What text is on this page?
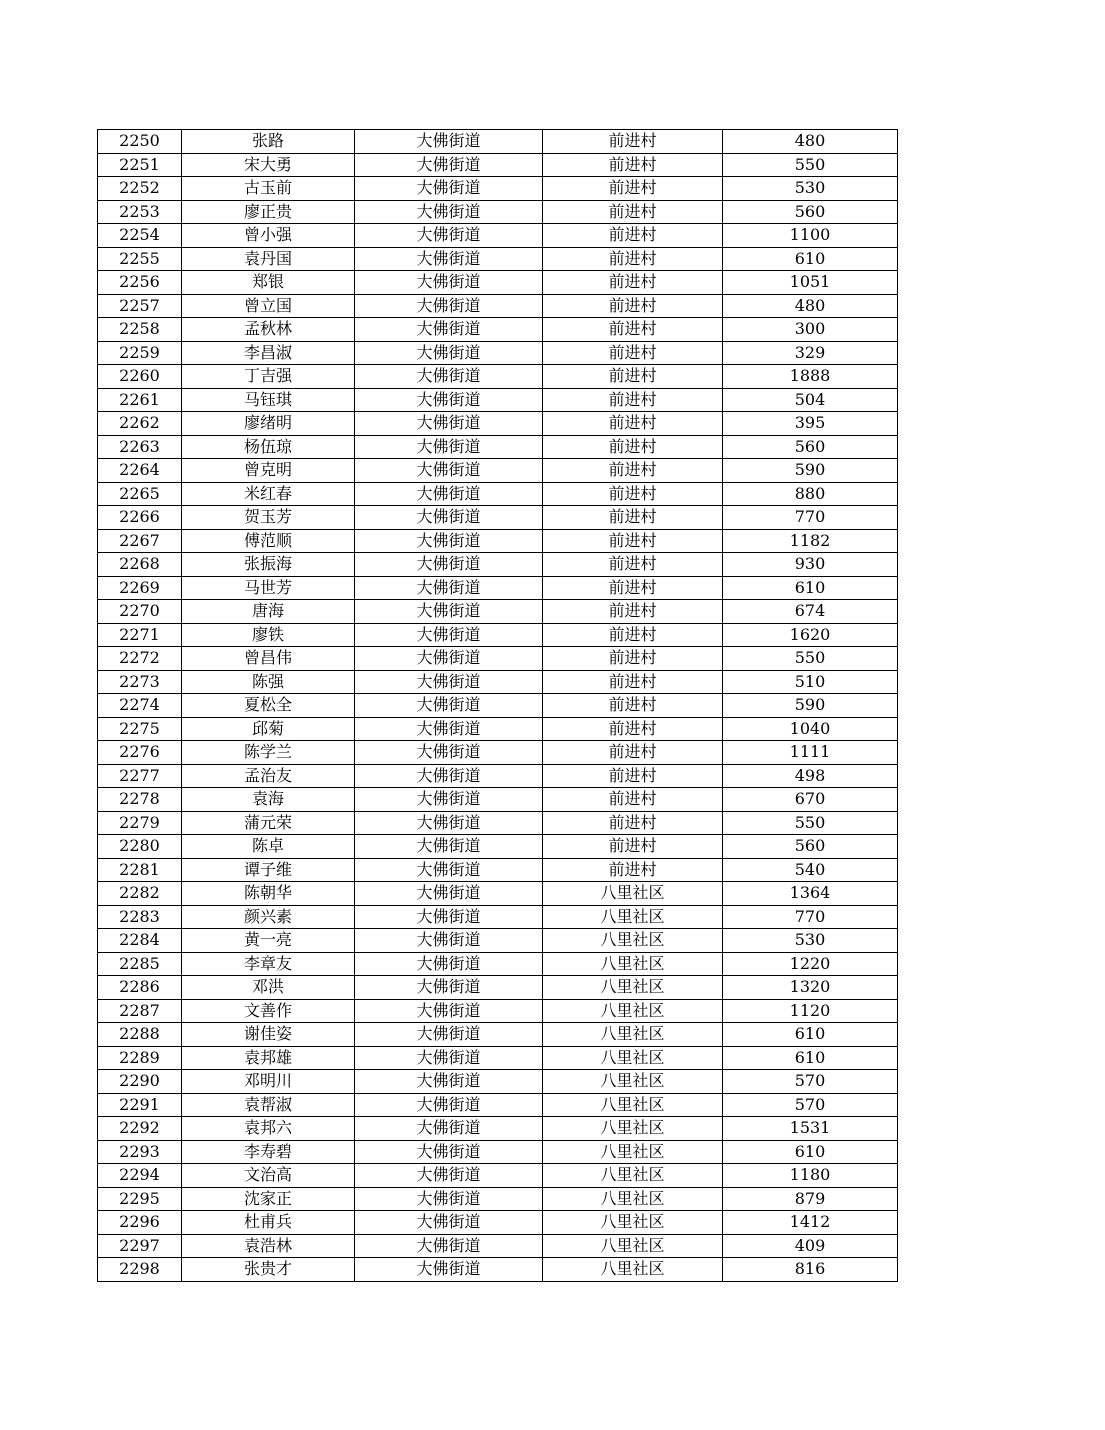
2250	张路	大佛街道	前进村	480
2251	宋大勇	大佛街道	前进村	550
2252	古玉前	大佛街道	前进村	530
2253	廖正贵	大佛街道	前进村	560
2254	曾小强	大佛街道	前进村	1100
2255	袁丹国	大佛街道	前进村	610
2256	郑银	大佛街道	前进村	1051
2257	曾立国	大佛街道	前进村	480
2258	孟秋林	大佛街道	前进村	300
2259	李昌淑	大佛街道	前进村	329
2260	丁吉强	大佛街道	前进村	1888
2261	马钰琪	大佛街道	前进村	504
2262	廖绪明	大佛街道	前进村	395
2263	杨伍琼	大佛街道	前进村	560
2264	曾克明	大佛街道	前进村	590
2265	米红春	大佛街道	前进村	880
2266	贺玉芳	大佛街道	前进村	770
2267	傅范顺	大佛街道	前进村	1182
2268	张振海	大佛街道	前进村	930
2269	马世芳	大佛街道	前进村	610
2270	唐海	大佛街道	前进村	674
2271	廖铁	大佛街道	前进村	1620
2272	曾昌伟	大佛街道	前进村	550
2273	陈强	大佛街道	前进村	510
2274	夏松全	大佛街道	前进村	590
2275	邱菊	大佛街道	前进村	1040
2276	陈学兰	大佛街道	前进村	1111
2277	孟治友	大佛街道	前进村	498
2278	袁海	大佛街道	前进村	670
2279	蒲元荣	大佛街道	前进村	550
2280	陈卓	大佛街道	前进村	560
2281	谭子维	大佛街道	前进村	540
2282	陈朝华	大佛街道	八里社区	1364
2283	颜兴素	大佛街道	八里社区	770
2284	黄一亮	大佛街道	八里社区	530
2285	李章友	大佛街道	八里社区	1220
2286	邓洪	大佛街道	八里社区	1320
2287	文善作	大佛街道	八里社区	1120
2288	谢佳姿	大佛街道	八里社区	610
2289	袁邦雄	大佛街道	八里社区	610
2290	邓明川	大佛街道	八里社区	570
2291	袁帮淑	大佛街道	八里社区	570
2292	袁邦六	大佛街道	八里社区	1531
2293	李寿碧	大佛街道	八里社区	610
2294	文治高	大佛街道	八里社区	1180
2295	沈家正	大佛街道	八里社区	879
2296	杜甫兵	大佛街道	八里社区	1412
2297	袁浩林	大佛街道	八里社区	409
2298	张贵才	大佛街道	八里社区	816
